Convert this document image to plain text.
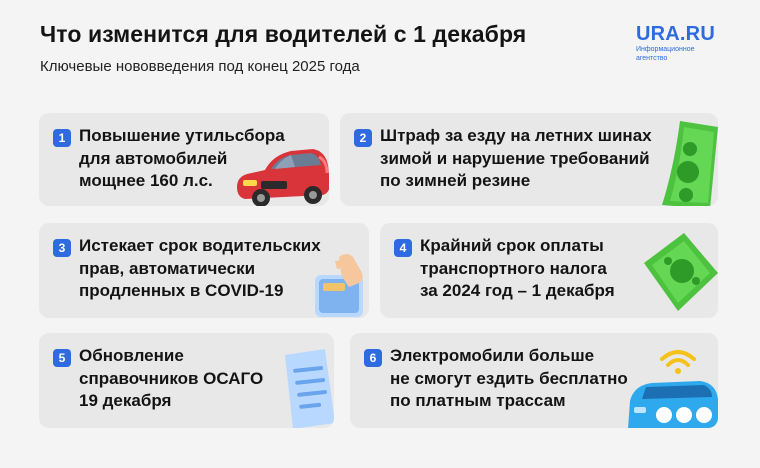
Что изменится для водителей с 1 декабря

Ключевые нововведения под конец 2025 года

URA.RU
Информационное агентство
1 Повышение утильсбора
для автомобилей
мощнее 160 л.с.
2 Штраф за езду на летних шинах
зимой и нарушение требований
по зимней резине
3 Истекает срок водительских
прав, автоматически
продленных в COVID-19
4 Крайний срок оплаты
транспортного налога
за 2024 год – 1 декабря
5 Обновление
справочников ОСАГО
19 декабря
6 Электромобили больше
не смогут ездить бесплатно
по платным трассам
